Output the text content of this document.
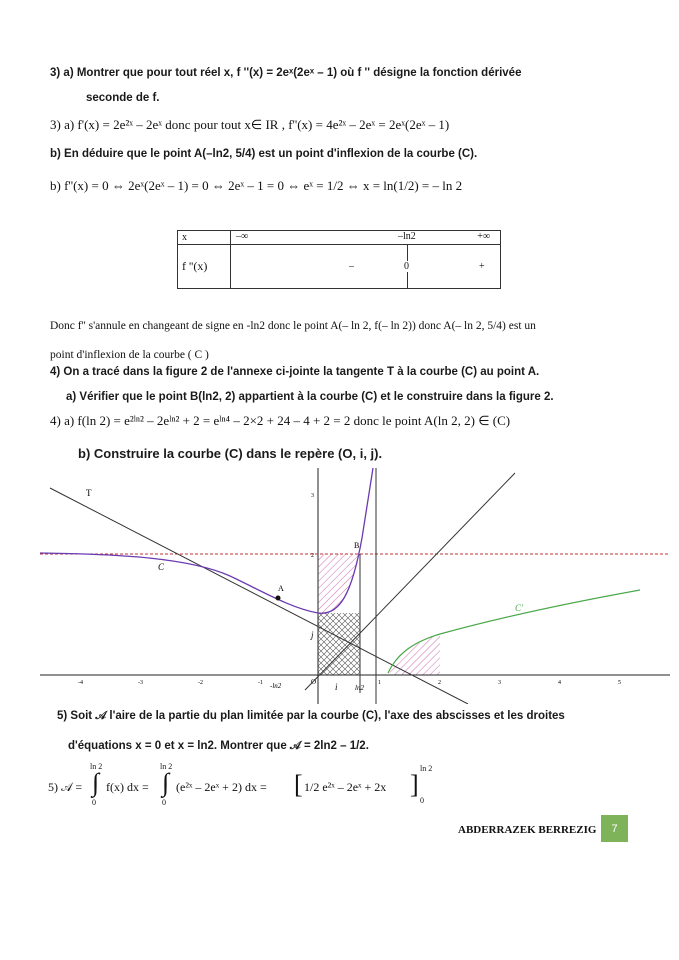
3) a) Montrer que pour tout réel x, f ''(x) = 2eˣ(2eˣ – 1) où f '' désigne la fonction dérivée
seconde de f.
3) a) f'(x) = 2e²ˣ – 2eˣ donc pour tout x∈ IR , f''(x) = 4e²ˣ – 2eˣ = 2eˣ(2eˣ – 1)
b) En déduire que le point A(–ln2, 5/4) est un point d'inflexion de la courbe (C).
b) f''(x) = 0 ⇔ 2eˣ(2eˣ – 1) = 0 ⇔ 2eˣ – 1 = 0 ⇔ eˣ = 1/2 ⇔ x = ln(1/2) = – ln 2
x	–∞ –ln2 +∞

f ''(x)	– 0 +
Donc f'' s'annule en changeant de signe en -ln2 donc le point A(– ln 2, f(– ln 2)) donc A(– ln 2, 5/4) est un
point d'inflexion de la courbe ( C )
4) On a tracé dans la figure 2 de l'annexe ci-jointe la tangente T à la courbe (C) au point A.
a) Vérifier que le point B(ln2, 2) appartient à la courbe (C) et le construire dans la figure 2.
4) a) f(ln 2) = e²ˡⁿ² – 2eˡⁿ² + 2 = eˡⁿ⁴ – 2×2 + 24 – 4 + 2 = 2 donc le point A(ln 2, 2) ∈ (C)
b) Construire la courbe (C) dans le repère (O, i, j).
T
C
C'
A
B
i
j
O
-ln2	ln2
-4	-3	-2	-1	1	2	3	4	5
2
3
5) Soit 𝒜 l'aire de la partie du plan limitée par la courbe (C), l'axe des abscisses et les droites
d'équations x = 0 et x = ln2. Montrer que 𝒜 = 2ln2 – 1/2.
5) 𝒜 =
ln 2
∫
0
f(x) dx =
ln 2
∫
0
(e²ˣ – 2eˣ + 2) dx = [ 1/2 e²ˣ – 2eˣ + 2x ]
ln 2
0
ABDERRAZEK BERREZIG	7
